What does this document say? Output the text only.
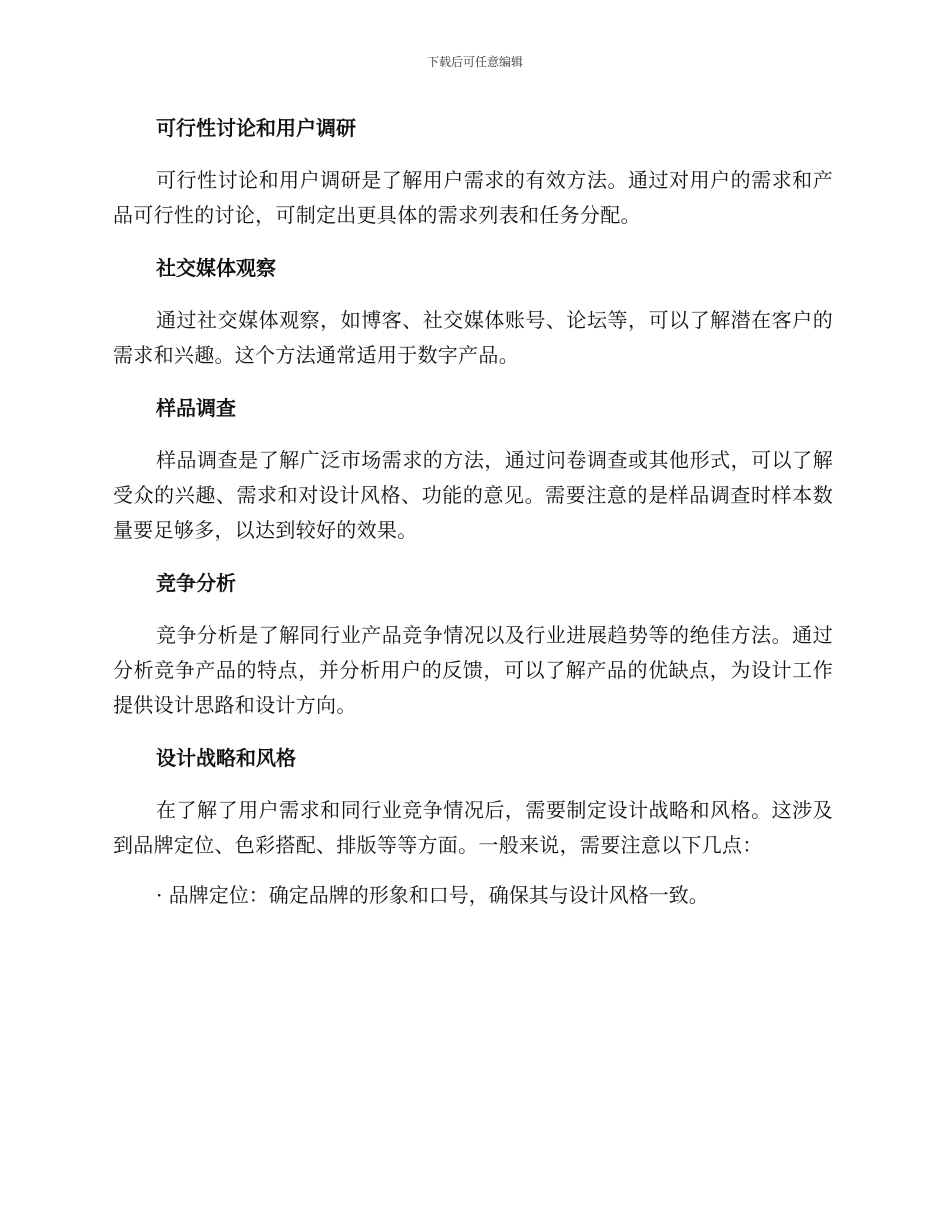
下载后可任意编辑
可行性讨论和用户调研

可行性讨论和用户调研是了解用户需求的有效方法。通过对用户的需求和产品可行性的讨论，可制定出更具体的需求列表和任务分配。

社交媒体观察

通过社交媒体观察，如博客、社交媒体账号、论坛等，可以了解潜在客户的需求和兴趣。这个方法通常适用于数字产品。

样品调查

样品调查是了解广泛市场需求的方法，通过问卷调查或其他形式，可以了解受众的兴趣、需求和对设计风格、功能的意见。需要注意的是样品调查时样本数量要足够多，以达到较好的效果。

竞争分析

竞争分析是了解同行业产品竞争情况以及行业进展趋势等的绝佳方法。通过分析竞争产品的特点，并分析用户的反馈，可以了解产品的优缺点，为设计工作提供设计思路和设计方向。

设计战略和风格

在了解了用户需求和同行业竞争情况后，需要制定设计战略和风格。这涉及到品牌定位、色彩搭配、排版等等方面。一般来说，需要注意以下几点：

· 品牌定位：确定品牌的形象和口号，确保其与设计风格一致。
